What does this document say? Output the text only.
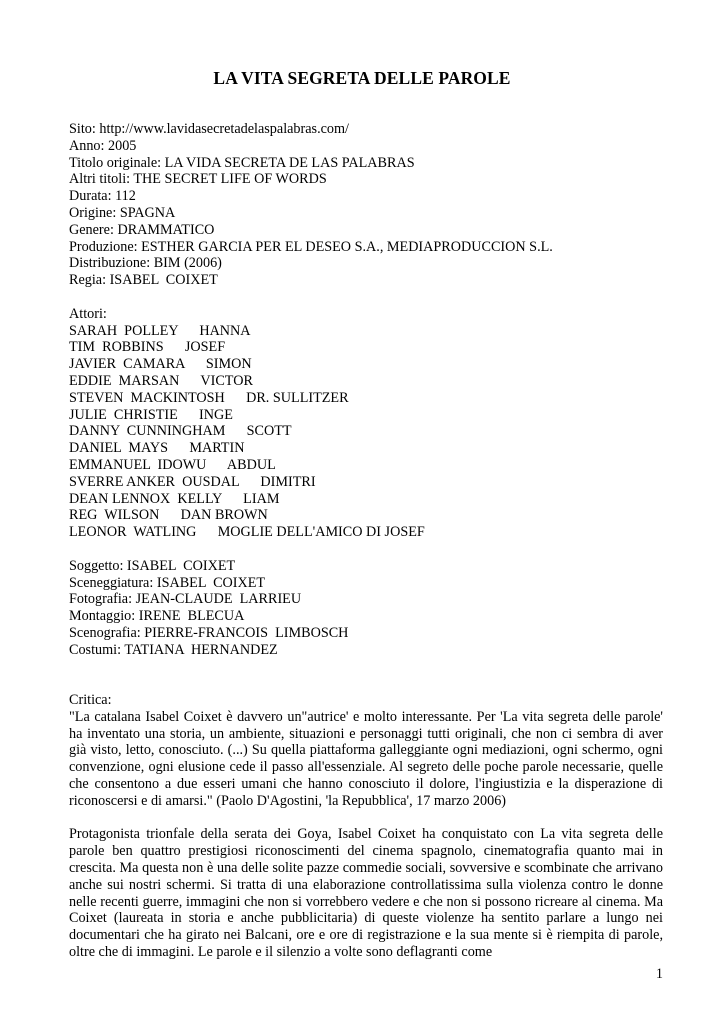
LA VITA SEGRETA DELLE PAROLE
Sito: http://www.lavidasecretadelaspalabras.com/
Anno: 2005
Titolo originale: LA VIDA SECRETA DE LAS PALABRAS
Altri titoli: THE SECRET LIFE OF WORDS
Durata: 112
Origine: SPAGNA
Genere: DRAMMATICO
Produzione: ESTHER GARCIA PER EL DESEO S.A., MEDIAPRODUCCION S.L.
Distribuzione: BIM (2006)
Regia: ISABEL  COIXET
Attori:
SARAH  POLLEY      HANNA
TIM  ROBBINS      JOSEF
JAVIER  CAMARA      SIMON
EDDIE  MARSAN      VICTOR
STEVEN  MACKINTOSH      DR. SULLITZER
JULIE  CHRISTIE      INGE
DANNY  CUNNINGHAM      SCOTT
DANIEL  MAYS      MARTIN
EMMANUEL  IDOWU      ABDUL
SVERRE ANKER  OUSDAL      DIMITRI
DEAN LENNOX  KELLY      LIAM
REG  WILSON      DAN BROWN
LEONOR  WATLING      MOGLIE DELL'AMICO DI JOSEF
Soggetto: ISABEL  COIXET
Sceneggiatura: ISABEL  COIXET
Fotografia: JEAN-CLAUDE  LARRIEU
Montaggio: IRENE  BLECUA
Scenografia: PIERRE-FRANCOIS  LIMBOSCH
Costumi: TATIANA  HERNANDEZ
Critica:

"La catalana Isabel Coixet è davvero un"autrice' e molto interessante. Per 'La vita segreta delle parole' ha inventato una storia, un ambiente, situazioni e personaggi tutti originali, che non ci sembra di aver già visto, letto, conosciuto. (...) Su quella piattaforma galleggiante ogni mediazioni, ogni schermo, ogni convenzione, ogni elusione cede il passo all'essenziale. Al segreto delle poche parole necessarie, quelle che consentono a due esseri umani che hanno conosciuto il dolore, l'ingiustizia e la disperazione di riconoscersi e di amarsi." (Paolo D'Agostini, 'la Repubblica', 17 marzo 2006)

Protagonista trionfale della serata dei Goya, Isabel Coixet ha conquistato con La vita segreta delle parole ben quattro prestigiosi riconoscimenti del cinema spagnolo, cinematografia quanto mai in crescita. Ma questa non è una delle solite pazze commedie sociali, sovversive e scombinate che arrivano anche sui nostri schermi. Si tratta di una elaborazione controllatissima sulla violenza contro le donne nelle recenti guerre, immagini che non si vorrebbero vedere e che non si possono ricreare al cinema. Ma Coixet (laureata in storia e anche pubblicitaria) di queste violenze ha sentito parlare a lungo nei documentari che ha girato nei Balcani, ore e ore di registrazione e la sua mente si è riempita di parole, oltre che di immagini. Le parole e il silenzio a volte sono deflagranti come

1
